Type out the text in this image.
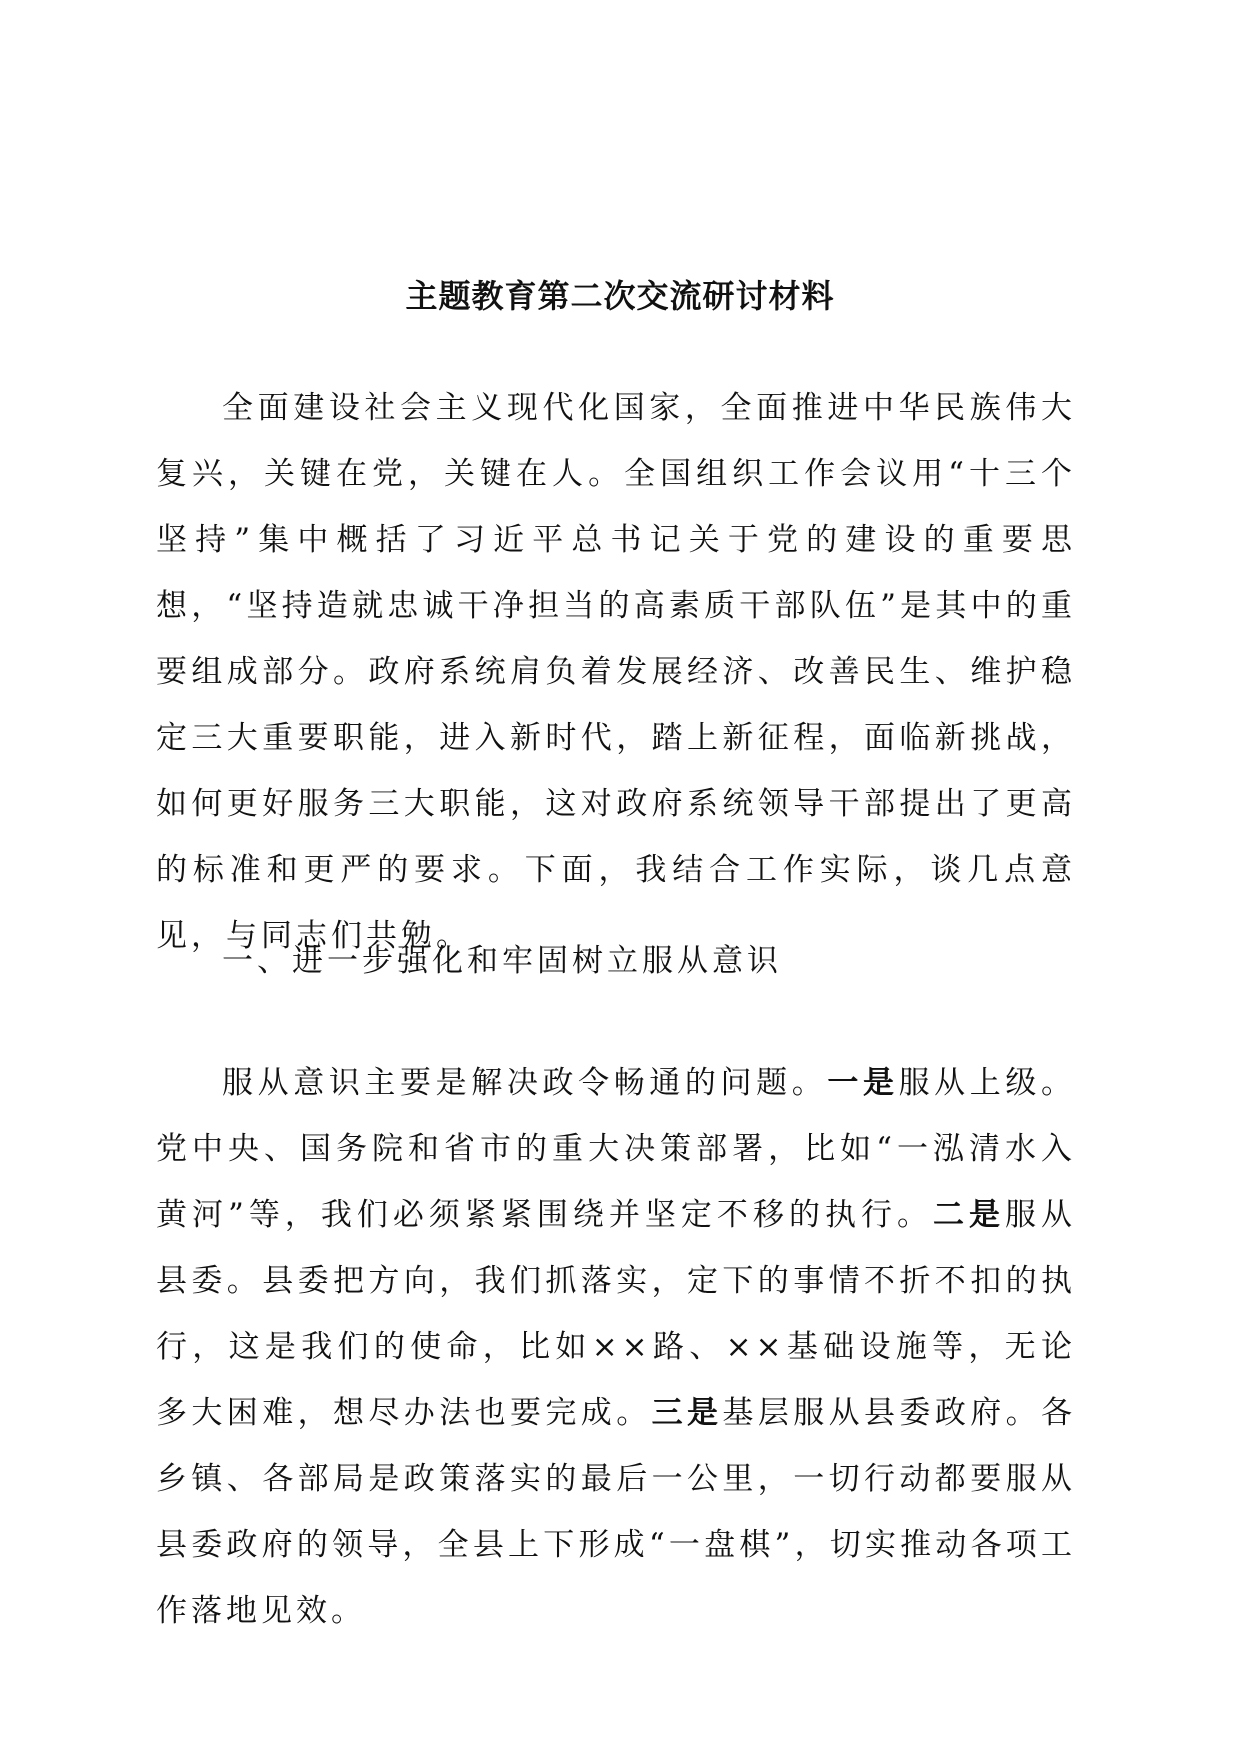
主题教育第二次交流研讨材料
全面建设社会主义现代化国家，全面推进中华民族伟大复兴，关键在党，关键在人。全国组织工作会议用“十三个坚持”集中概括了习近平总书记关于党的建设的重要思想，“坚持造就忠诚干净担当的高素质干部队伍”是其中的重要组成部分。政府系统肩负着发展经济、改善民生、维护稳定三大重要职能，进入新时代，踏上新征程，面临新挑战，如何更好服务三大职能，这对政府系统领导干部提出了更高的标准和更严的要求。下面，我结合工作实际，谈几点意见，与同志们共勉。
一、进一步强化和牢固树立服从意识
服从意识主要是解决政令畅通的问题。一是服从上级。党中央、国务院和省市的重大决策部署，比如“一泓清水入黄河”等，我们必须紧紧围绕并坚定不移的执行。二是服从县委。县委把方向，我们抓落实，定下的事情不折不扣的执行，这是我们的使命，比如××路、××基础设施等，无论多大困难，想尽办法也要完成。三是基层服从县委政府。各乡镇、各部局是政策落实的最后一公里，一切行动都要服从县委政府的领导，全县上下形成“一盘棋”，切实推动各项工作落地见效。
